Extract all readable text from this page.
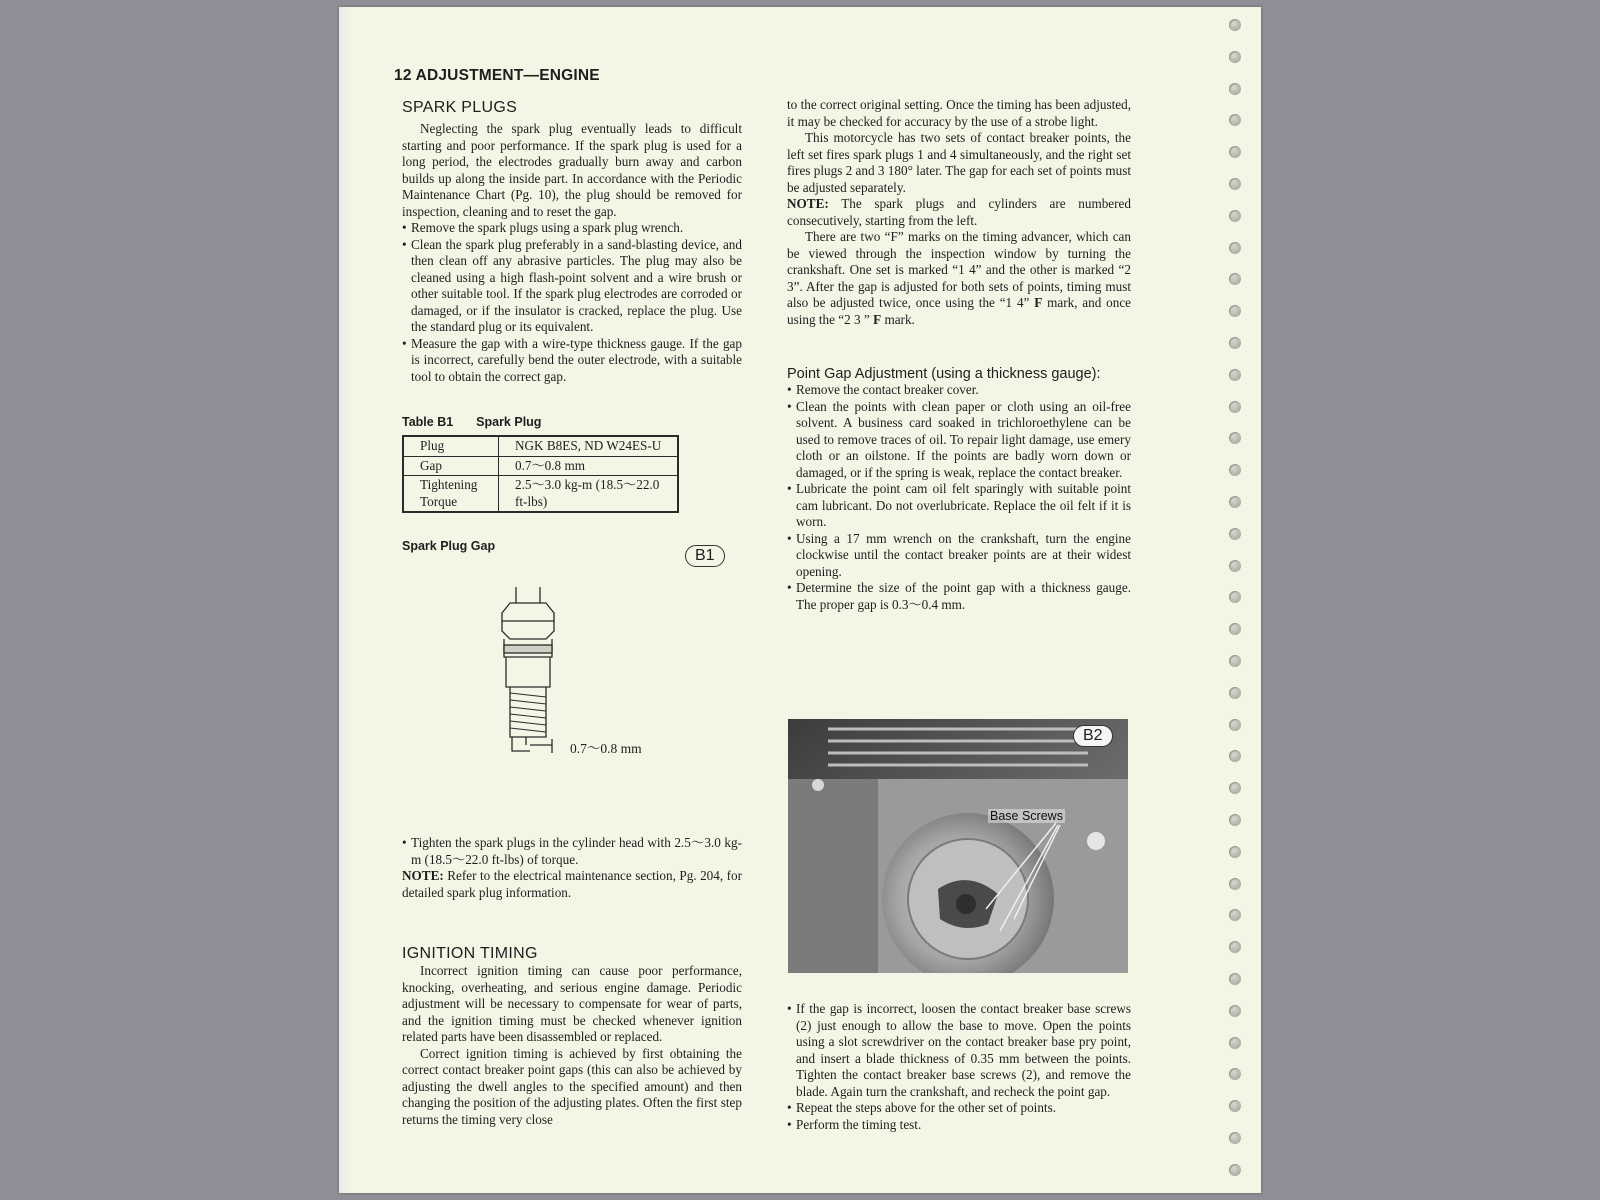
12 ADJUSTMENT—ENGINE
SPARK PLUGS

Neglecting the spark plug eventually leads to difficult starting and poor performance. If the spark plug is used for a long period, the electrodes gradually burn away and carbon builds up along the inside part. In accordance with the Periodic Maintenance Chart (Pg. 10), the plug should be removed for inspection, cleaning and to reset the gap.

• Remove the spark plugs using a spark plug wrench.

• Clean the spark plug preferably in a sand-blasting device, and then clean off any abrasive particles. The plug may also be cleaned using a high flash-point solvent and a wire brush or other suitable tool. If the spark plug electrodes are corroded or damaged, or if the insulator is cracked, replace the plug. Use the standard plug or its equivalent.

• Measure the gap with a wire-type thickness gauge. If the gap is incorrect, carefully bend the outer electrode, with a suitable tool to obtain the correct gap.

Table B1 Spark Plug
Plug	NGK B8ES, ND W24ES-U
Gap	0.7～0.8 mm
Tightening Torque	2.5～3.0 kg-m (18.5～22.0 ft-lbs)
Spark Plug Gap
B1
0.7～0.8 mm

• Tighten the spark plugs in the cylinder head with 2.5～3.0 kg-m (18.5～22.0 ft-lbs) of torque.

NOTE: Refer to the electrical maintenance section, Pg. 204, for detailed spark plug information.

IGNITION TIMING

Incorrect ignition timing can cause poor performance, knocking, overheating, and serious engine damage. Periodic adjustment will be necessary to compensate for wear of parts, and the ignition timing must be checked whenever ignition related parts have been disassembled or replaced.

Correct ignition timing is achieved by first obtaining the correct contact breaker point gaps (this can also be achieved by adjusting the dwell angles to the specified amount) and then changing the position of the adjusting plates. Often the first step returns the timing very close

to the correct original setting. Once the timing has been adjusted, it may be checked for accuracy by the use of a strobe light.

This motorcycle has two sets of contact breaker points, the left set fires spark plugs 1 and 4 simultaneously, and the right set fires plugs 2 and 3 180° later. The gap for each set of points must be adjusted separately.

NOTE: The spark plugs and cylinders are numbered consecutively, starting from the left.

There are two “F” marks on the timing advancer, which can be viewed through the inspection window by turning the crankshaft. One set is marked “1 4” and the other is marked “2 3”. After the gap is adjusted for both sets of points, timing must also be adjusted twice, once using the “1 4” F mark, and once using the “2 3 ” F mark.

Point Gap Adjustment (using a thickness gauge):

• Remove the contact breaker cover.

• Clean the points with clean paper or cloth using an oil-free solvent. A business card soaked in trichloroethylene can be used to remove traces of oil. To repair light damage, use emery cloth or an oilstone. If the points are badly worn down or damaged, or if the spring is weak, replace the contact breaker.

• Lubricate the point cam oil felt sparingly with suitable point cam lubricant. Do not overlubricate. Replace the oil felt if it is worn.

• Using a 17 mm wrench on the crankshaft, turn the engine clockwise until the contact breaker points are at their widest opening.

• Determine the size of the point gap with a thickness gauge. The proper gap is 0.3～0.4 mm.

B2
Base Screws

• If the gap is incorrect, loosen the contact breaker base screws (2) just enough to allow the base to move. Open the points using a slot screwdriver on the contact breaker base pry point, and insert a blade thickness of 0.35 mm between the points. Tighten the contact breaker base screws (2), and remove the blade. Again turn the crankshaft, and recheck the point gap.

• Repeat the steps above for the other set of points.

• Perform the timing test.
